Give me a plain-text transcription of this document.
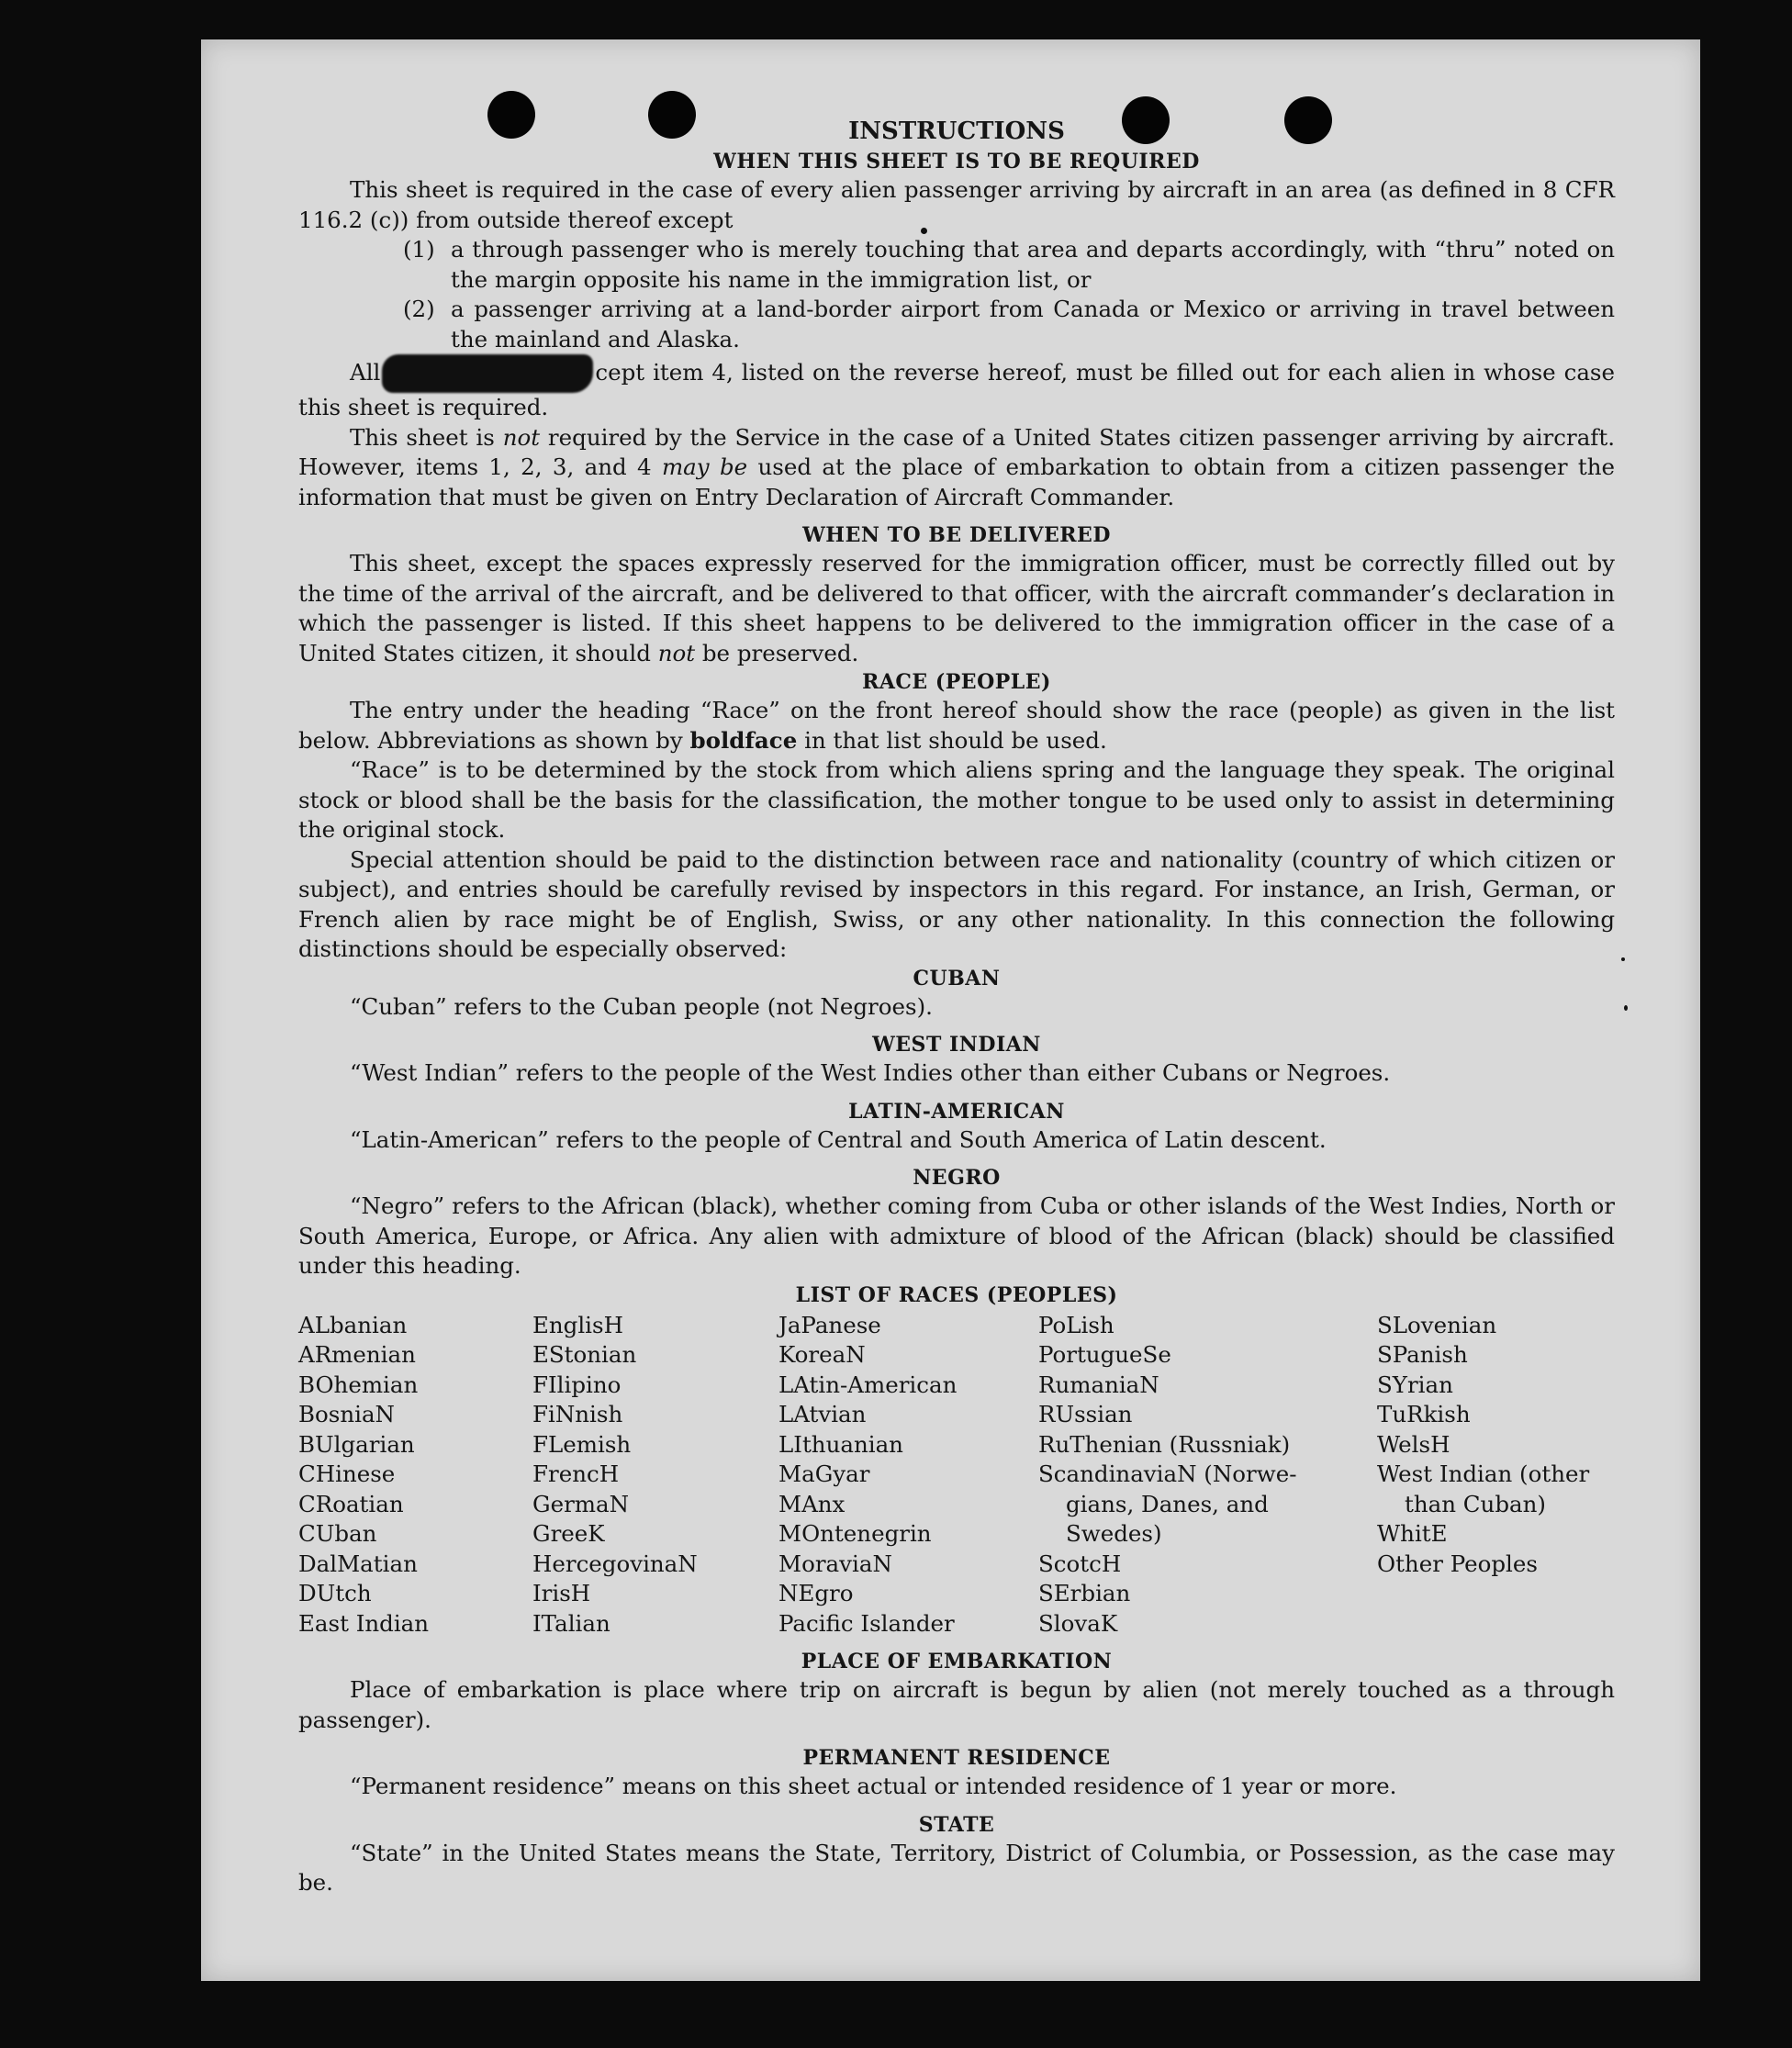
INSTRUCTIONS
WHEN THIS SHEET IS TO BE REQUIRED

This sheet is required in the case of every alien passenger arriving by aircraft in an area (as defined in 8 CFR 116.2 (c)) from outside thereof except

(1) a through passenger who is merely touching that area and departs accordingly, with “thru” noted on the margin opposite his name in the immigration list, or
(2) a passenger arriving at a land-border airport from Canada or Mexico or arriving in travel between the mainland and Alaska.

All	cept item 4, listed on the reverse hereof, must be filled out for each alien in whose case this sheet is required.

This sheet is not required by the Service in the case of a United States citizen passenger arriving by aircraft. However, items 1, 2, 3, and 4 may be used at the place of embarkation to obtain from a citizen passenger the information that must be given on Entry Declaration of Aircraft Commander.

WHEN TO BE DELIVERED

This sheet, except the spaces expressly reserved for the immigration officer, must be correctly filled out by the time of the arrival of the aircraft, and be delivered to that officer, with the aircraft commander’s declaration in which the passenger is listed. If this sheet happens to be delivered to the immigration officer in the case of a United States citizen, it should not be preserved.

RACE (PEOPLE)

The entry under the heading “Race” on the front hereof should show the race (people) as given in the list below. Abbreviations as shown by boldface in that list should be used.

“Race” is to be determined by the stock from which aliens spring and the language they speak. The original stock or blood shall be the basis for the classification, the mother tongue to be used only to assist in determining the original stock.

Special attention should be paid to the distinction between race and nationality (country of which citizen or subject), and entries should be carefully revised by inspectors in this regard. For instance, an Irish, German, or French alien by race might be of English, Swiss, or any other nationality. In this connection the following distinctions should be especially observed:

CUBAN

“Cuban” refers to the Cuban people (not Negroes).

WEST INDIAN

“West Indian” refers to the people of the West Indies other than either Cubans or Negroes.

LATIN-AMERICAN

“Latin-American” refers to the people of Central and South America of Latin descent.

NEGRO

“Negro” refers to the African (black), whether coming from Cuba or other islands of the West Indies, North or South America, Europe, or Africa. Any alien with admixture of blood of the African (black) should be classified under this heading.

LIST OF RACES (PEOPLES)
ALbanian
ARmenian
BOhemian
BosniaN
BUlgarian
CHinese
CRoatian
CUban
DalMatian
DUtch
East Indian
EnglisH
EStonian
FIlipino
FiNnish
FLemish
FrencH
GermaN
GreeK
HercegovinaN
IrisH
ITalian
JaPanese
KoreaN
LAtin-American
LAtvian
LIthuanian
MaGyar
MAnx
MOntenegrin
MoraviaN
NEgro
Pacific Islander
PoLish
PortugueSe
RumaniaN
RUssian
RuThenian (Russniak)
ScandinaviaN (Norwe-
gians, Danes, and
Swedes)
ScotcH
SErbian
SlovaK
SLovenian
SPanish
SYrian
TuRkish
WelsH
West Indian (other
than Cuban)
WhitE
Other Peoples
PLACE OF EMBARKATION

Place of embarkation is place where trip on aircraft is begun by alien (not merely touched as a through passenger).

PERMANENT RESIDENCE

“Permanent residence” means on this sheet actual or intended residence of 1 year or more.

STATE

“State” in the United States means the State, Territory, District of Columbia, or Possession, as the case may be.
